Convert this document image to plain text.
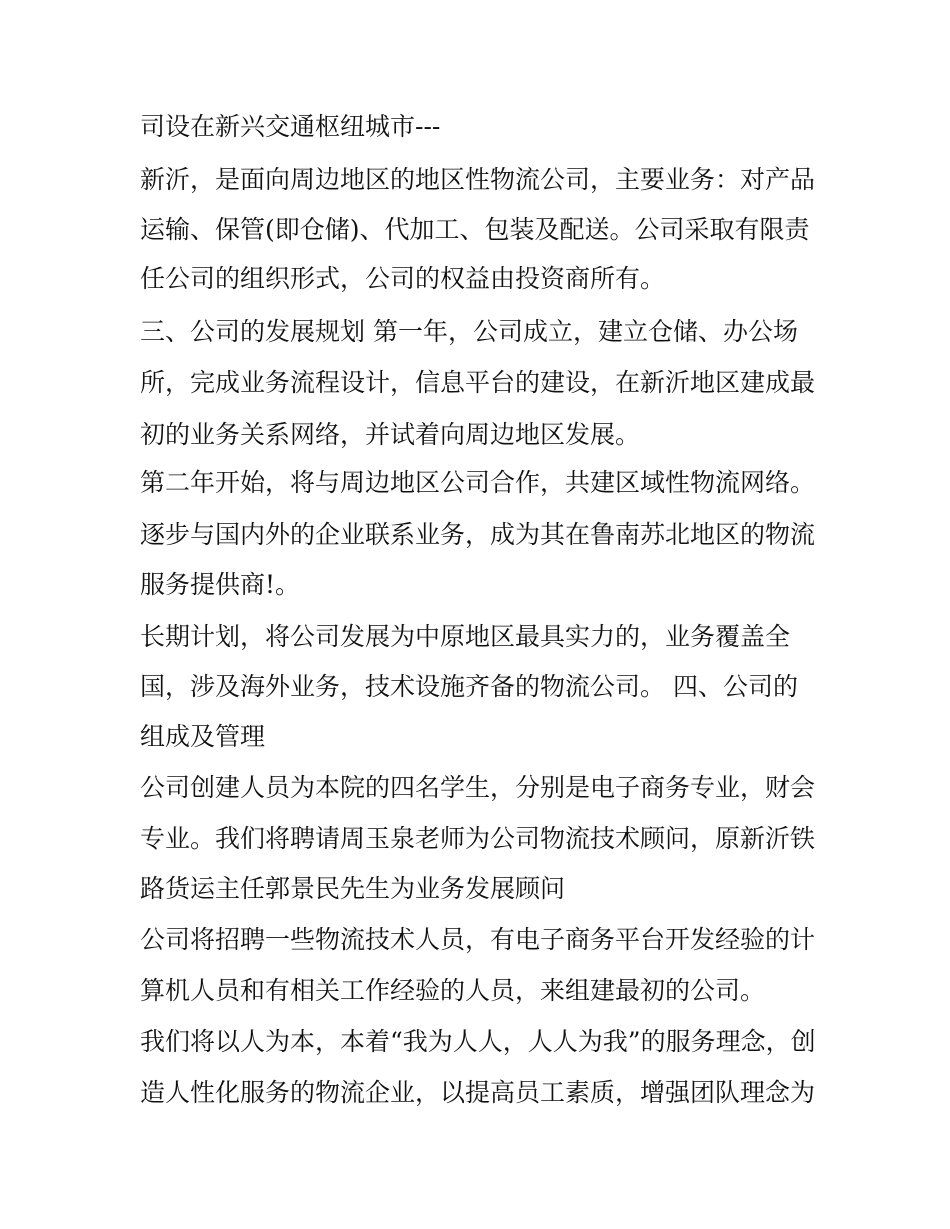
司设在新兴交通枢纽城市---
新沂，是面向周边地区的地区性物流公司，主要业务：对产品
运输、保管(即仓储)、代加工、包装及配送。公司采取有限责
任公司的组织形式，公司的权益由投资商所有。
三、公司的发展规划 第一年，公司成立，建立仓储、办公场
所，完成业务流程设计，信息平台的建设，在新沂地区建成最
初的业务关系网络，并试着向周边地区发展。
第二年开始，将与周边地区公司合作，共建区域性物流网络。
逐步与国内外的企业联系业务，成为其在鲁南苏北地区的物流
服务提供商!。
长期计划，将公司发展为中原地区最具实力的，业务覆盖全
国，涉及海外业务，技术设施齐备的物流公司。 四、公司的
组成及管理
公司创建人员为本院的四名学生，分别是电子商务专业，财会
专业。我们将聘请周玉泉老师为公司物流技术顾问，原新沂铁
路货运主任郭景民先生为业务发展顾问
公司将招聘一些物流技术人员，有电子商务平台开发经验的计
算机人员和有相关工作经验的人员，来组建最初的公司。
我们将以人为本，本着“我为人人，人人为我”的服务理念，创
造人性化服务的物流企业，以提高员工素质，增强团队理念为
